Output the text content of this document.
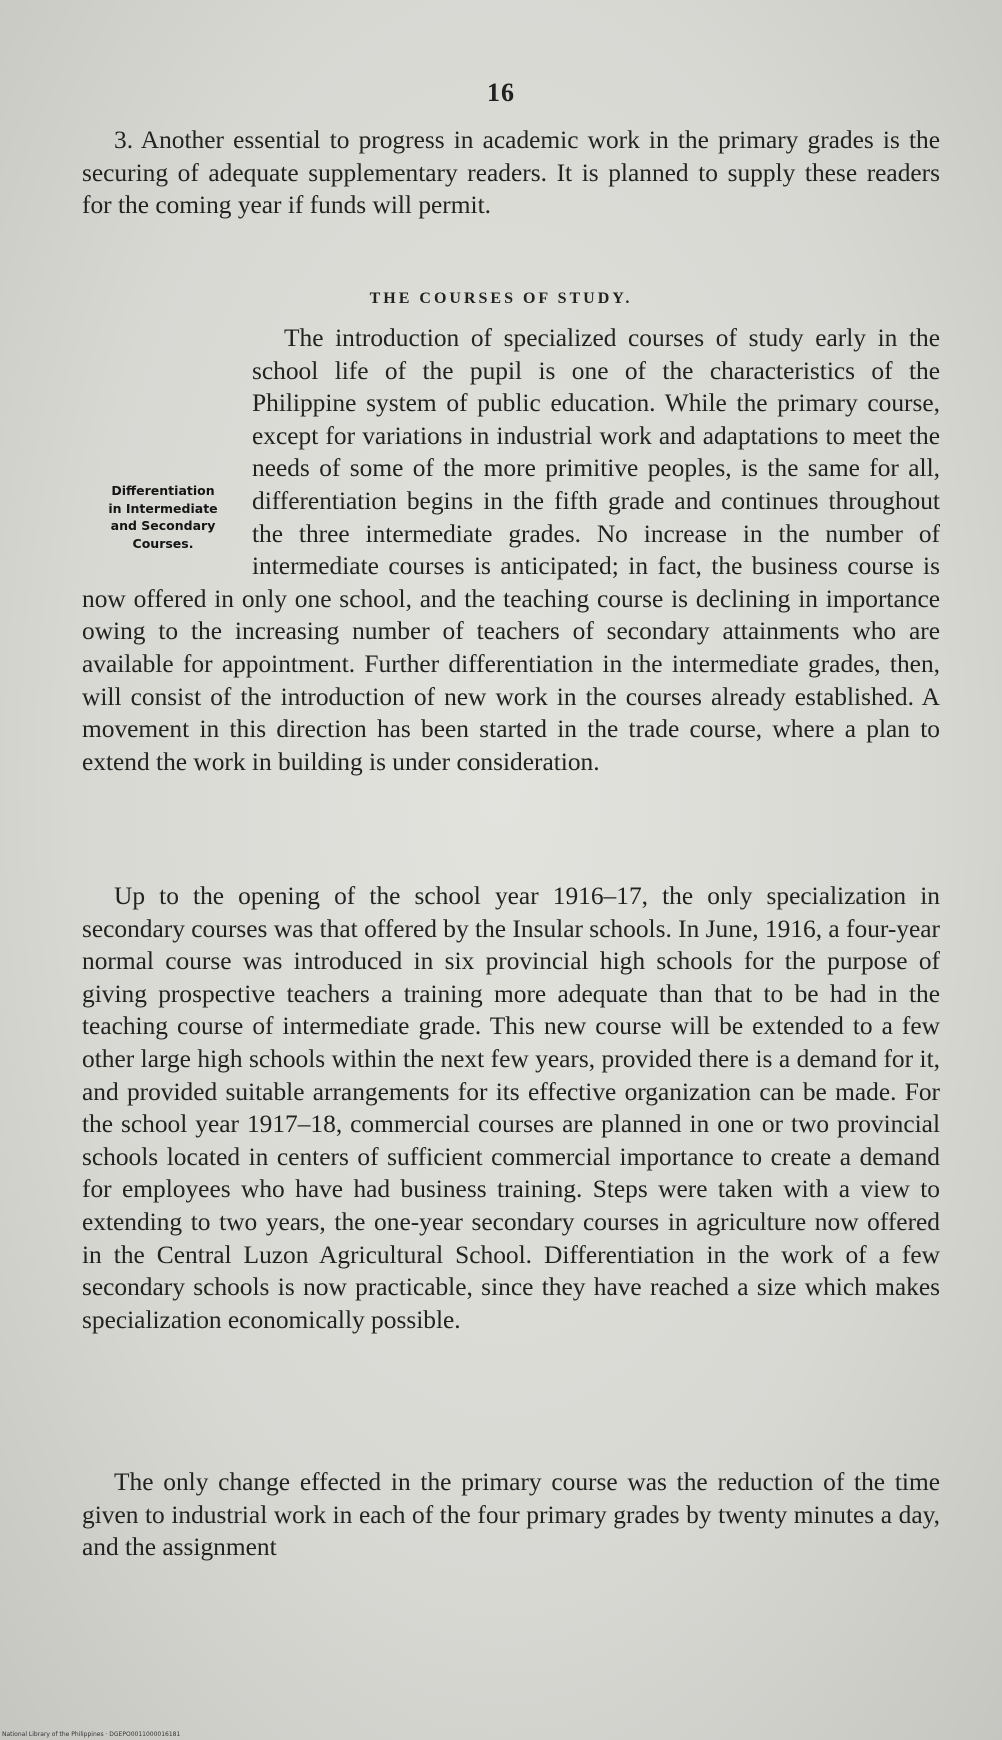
16

3. Another essential to progress in academic work in the primary grades is the securing of adequate supplementary readers. It is planned to supply these readers for the coming year if funds will permit.

THE COURSES OF STUDY.
Differentiation
in Intermediate
and Secondary
Courses.

The introduction of specialized courses of study early in the school life of the pupil is one of the characteristics of the Philippine system of public education. While the primary course, except for variations in industrial work and adaptations to meet the needs of some of the more primitive peoples, is the same for all, differentiation begins in the fifth grade and continues throughout the three intermediate grades. No increase in the number of intermediate courses is anticipated; in fact, the business course is now offered in only one school, and the teaching course is declining in importance owing to the increasing number of teachers of secondary attainments who are available for appointment. Further differentiation in the intermediate grades, then, will consist of the introduction of new work in the courses already established. A movement in this direction has been started in the trade course, where a plan to extend the work in building is under consideration.

Up to the opening of the school year 1916–17, the only specialization in secondary courses was that offered by the Insular schools. In June, 1916, a four-year normal course was introduced in six provincial high schools for the purpose of giving prospective teachers a training more adequate than that to be had in the teaching course of intermediate grade. This new course will be extended to a few other large high schools within the next few years, provided there is a demand for it, and provided suitable arrangements for its effective organization can be made. For the school year 1917–18, commercial courses are planned in one or two provincial schools located in centers of sufficient commercial importance to create a demand for employees who have had business training. Steps were taken with a view to extending to two years, the one-year secondary courses in agriculture now offered in the Central Luzon Agricultural School. Differentiation in the work of a few secondary schools is now practicable, since they have reached a size which makes specialization economically possible.

The only change effected in the primary course was the reduction of the time given to industrial work in each of the four primary grades by twenty minutes a day, and the assignment

National Library of the Philippines · DGEPO0011000016181
